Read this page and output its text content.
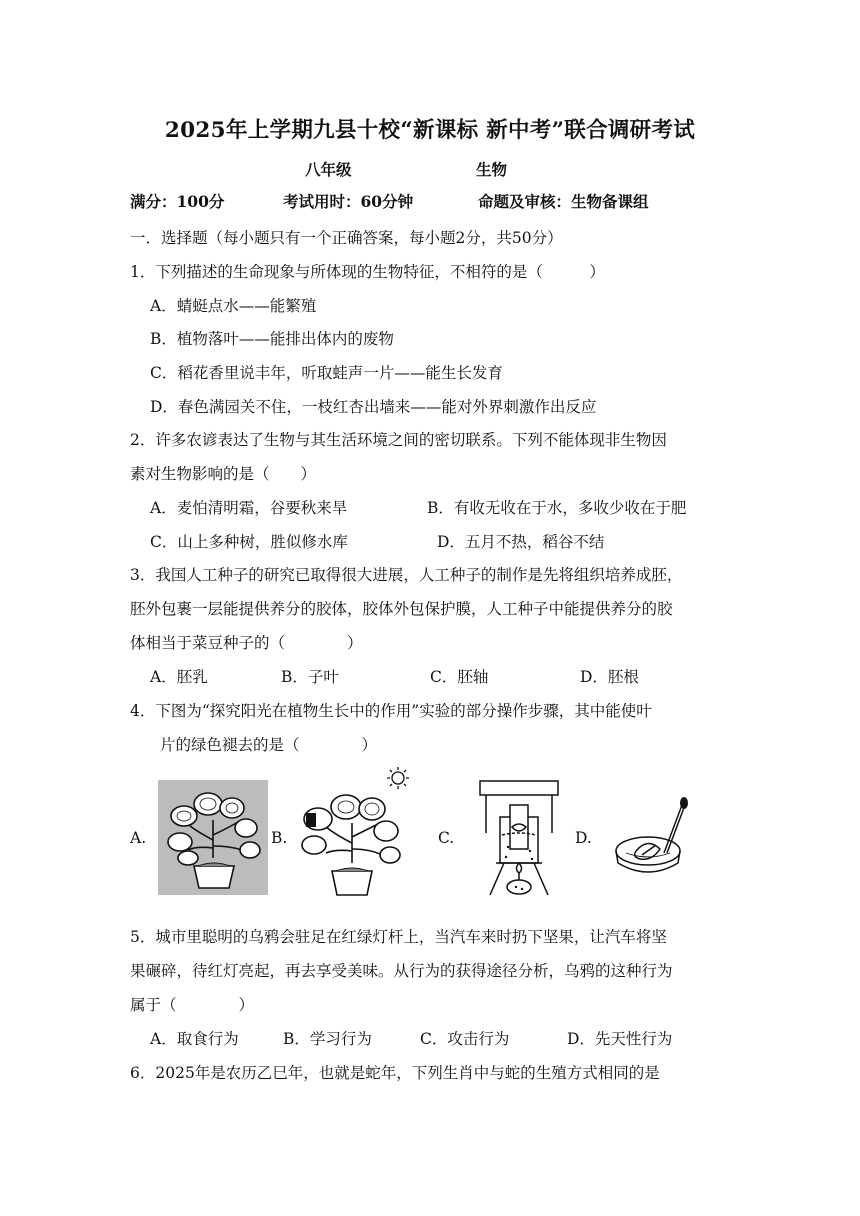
2025年上学期九县十校“新课标 新中考”联合调研考试
八年级	生物
满分：100分	考试用时：60分钟	命题及审核：生物备课组
一．选择题（每小题只有一个正确答案，每小题2分，共50分）
1．下列描述的生命现象与所体现的生物特征，不相符的是（　　　）
A．蜻蜓点水——能繁殖
B．植物落叶——能排出体内的废物
C．稻花香里说丰年，听取蛙声一片——能生长发育
D．春色满园关不住，一枝红杏出墙来——能对外界刺激作出反应
2．许多农谚表达了生物与其生活环境之间的密切联系。下列不能体现非生物因
素对生物影响的是（　　）
A．麦怕清明霜，谷要秋来旱	B．有收无收在于水，多收少收在于肥
C．山上多种树，胜似修水库	D．五月不热，稻谷不结
3．我国人工种子的研究已取得很大进展，人工种子的制作是先将组织培养成胚，
胚外包裹一层能提供养分的胶体，胶体外包保护膜，人工种子中能提供养分的胶
体相当于菜豆种子的（　　　　）
A．胚乳	B．子叶	C．胚轴	D．胚根
4．下图为“探究阳光在植物生长中的作用”实验的部分操作步骤，其中能使叶
片的绿色褪去的是（　　　　）
A.	B.	C.	D.
5．城市里聪明的乌鸦会驻足在红绿灯杆上，当汽车来时扔下坚果，让汽车将坚
果碾碎，待红灯亮起，再去享受美味。从行为的获得途径分析，乌鸦的这种行为
属于（　　　　）
A．取食行为	B．学习行为	C．攻击行为	D．先天性行为
6．2025年是农历乙巳年，也就是蛇年，下列生肖中与蛇的生殖方式相同的是
